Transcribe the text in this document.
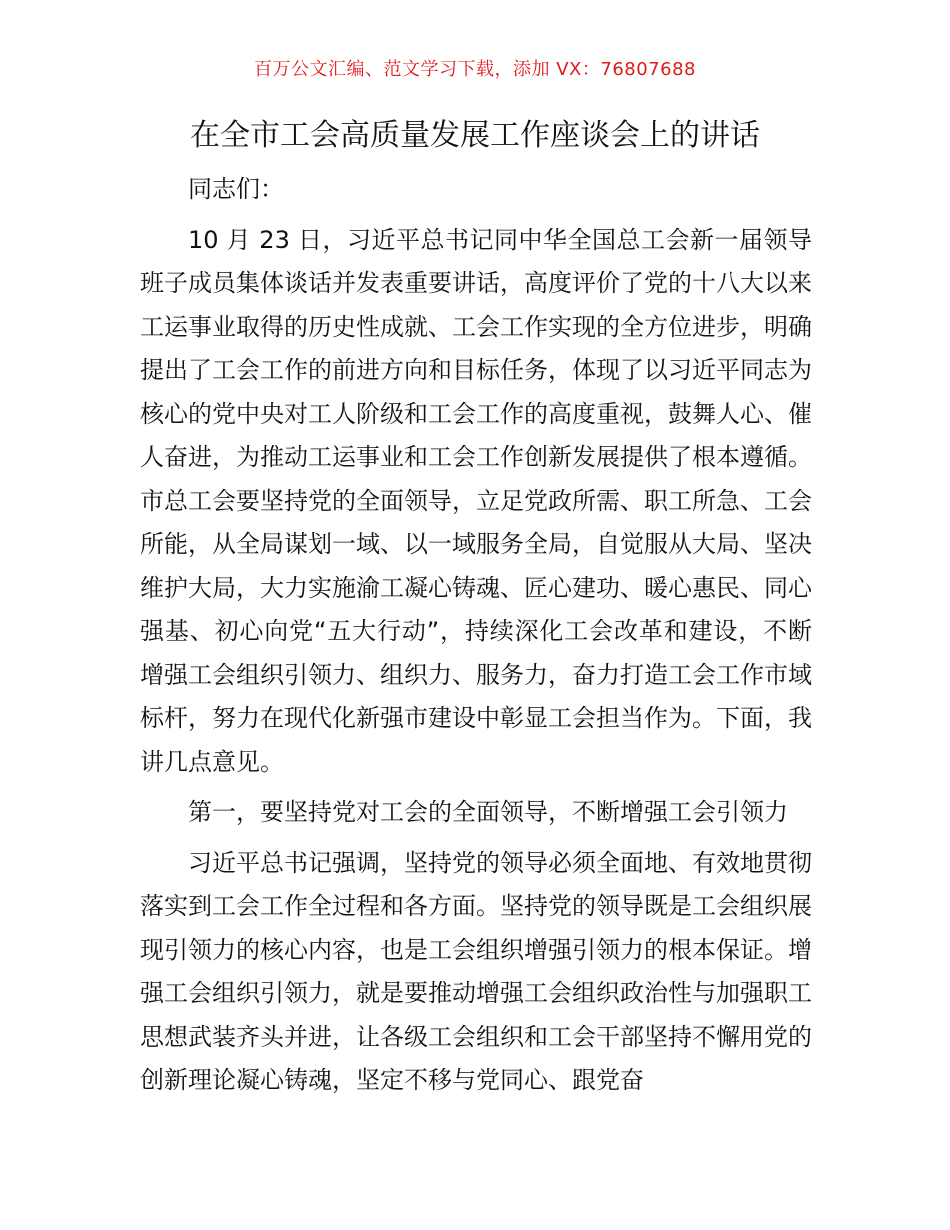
百万公文汇编、范文学习下载，添加 VX：76807688
在全市工会高质量发展工作座谈会上的讲话

同志们：

10 月 23 日，习近平总书记同中华全国总工会新一届领导班子成员集体谈话并发表重要讲话，高度评价了党的十八大以来工运事业取得的历史性成就、工会工作实现的全方位进步，明确提出了工会工作的前进方向和目标任务，体现了以习近平同志为核心的党中央对工人阶级和工会工作的高度重视，鼓舞人心、催人奋进，为推动工运事业和工会工作创新发展提供了根本遵循。市总工会要坚持党的全面领导，立足党政所需、职工所急、工会所能，从全局谋划一域、以一域服务全局，自觉服从大局、坚决维护大局，大力实施渝工凝心铸魂、匠心建功、暖心惠民、同心强基、初心向党“五大行动”，持续深化工会改革和建设，不断增强工会组织引领力、组织力、服务力，奋力打造工会工作市域标杆，努力在现代化新强市建设中彰显工会担当作为。下面，我讲几点意见。

第一，要坚持党对工会的全面领导，不断增强工会引领力

习近平总书记强调，坚持党的领导必须全面地、有效地贯彻落实到工会工作全过程和各方面。坚持党的领导既是工会组织展现引领力的核心内容，也是工会组织增强引领力的根本保证。增强工会组织引领力，就是要推动增强工会组织政治性与加强职工思想武装齐头并进，让各级工会组织和工会干部坚持不懈用党的创新理论凝心铸魂，坚定不移与党同心、跟党奋
